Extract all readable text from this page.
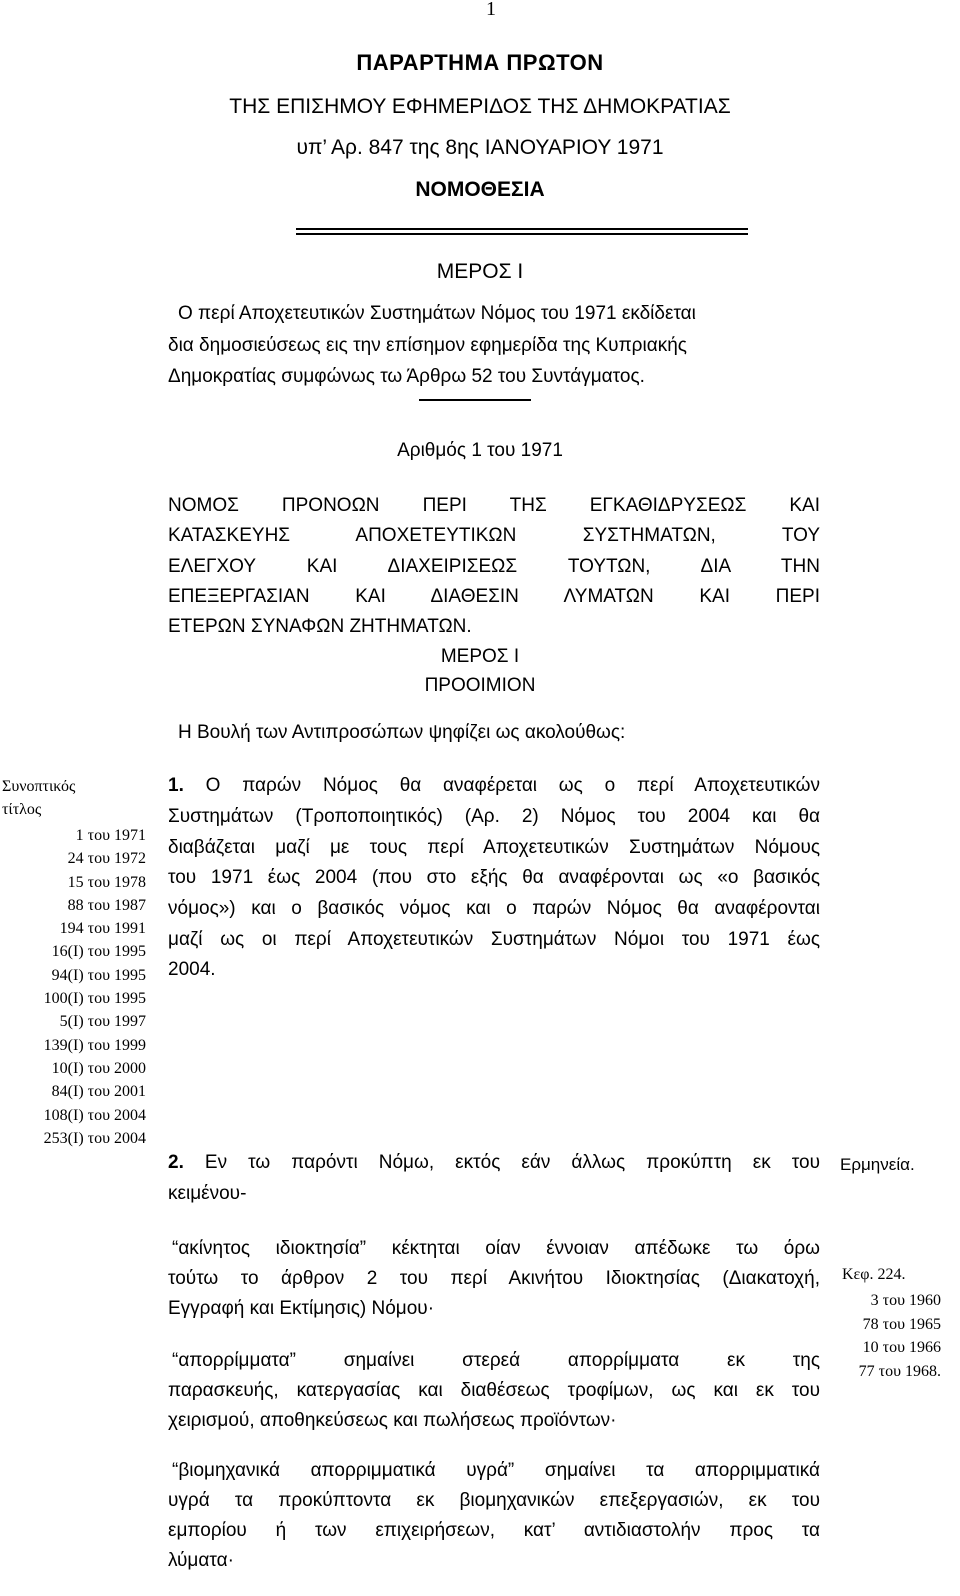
1
ΠΑΡΑΡΤΗΜΑ ΠΡΩΤΟΝ
ΤΗΣ ΕΠΙΣΗΜΟΥ ΕΦΗΜΕΡΙΔΟΣ ΤΗΣ ΔΗΜΟΚΡΑΤΙΑΣ
υπ’ Αρ. 847 της 8ης ΙΑΝΟΥΑΡΙΟΥ 1971
ΝΟΜΟΘΕΣΙΑ
ΜΕΡΟΣ Ι
Ο περί Αποχετευτικών Συστημάτων Νόμος του 1971 εκδίδεται
δια δημοσιεύσεως εις την επίσημον εφημερίδα της Κυπριακής
Δημοκρατίας συμφώνως τω Άρθρω 52 του Συντάγματος.
Αριθμός 1 του 1971
ΝΟΜΟΣ ΠΡΟΝΟΩΝ ΠΕΡΙ ΤΗΣ ΕΓΚΑΘΙΔΡΥΣΕΩΣ ΚΑΙ
ΚΑΤΑΣΚΕΥΗΣ ΑΠΟΧΕΤΕΥΤΙΚΩΝ ΣΥΣΤΗΜΑΤΩΝ, ΤΟΥ
ΕΛΕΓΧΟΥ ΚΑΙ ΔΙΑΧΕΙΡΙΣΕΩΣ ΤΟΥΤΩΝ, ΔΙΑ ΤΗΝ
ΕΠΕΞΕΡΓΑΣΙΑΝ ΚΑΙ ΔΙΑΘΕΣΙΝ ΛΥΜΑΤΩΝ ΚΑΙ ΠΕΡΙ
ΕΤΕΡΩΝ ΣΥΝΑΦΩΝ ΖΗΤΗΜΑΤΩΝ.
ΜΕΡΟΣ Ι
ΠΡΟΟΙΜΙΟΝ
Η Βουλή των Αντιπροσώπων ψηφίζει ως ακολούθως:
Συνοπτικός
τίτλος
1 του 1971
24 του 1972
15 του 1978
88 του 1987
194 του 1991
16(Ι) του 1995
94(Ι) του 1995
100(Ι) του 1995
5(Ι) του 1997
139(Ι) του 1999
10(Ι) του 2000
84(Ι) του 2001
108(Ι) του 2004
253(Ι) του 2004
1. Ο παρών Νόμος θα αναφέρεται ως ο περί Αποχετευτικών
Συστημάτων (Τροποποιητικός) (Αρ. 2) Νόμος του 2004 και θα
διαβάζεται μαζί με τους περί Αποχετευτικών Συστημάτων Νόμους
του 1971 έως 2004 (που στο εξής θα αναφέρονται ως «ο βασικός
νόμος») και ο βασικός νόμος και ο παρών Νόμος θα αναφέρονται
μαζί ως οι περί Αποχετευτικών Συστημάτων Νόμοι του 1971 έως
2004.
2. Εν τω παρόντι Νόμω, εκτός εάν άλλως προκύπτη εκ του
κειμένου-
Ερμηνεία.
Κεφ. 224.
3 του 1960
78 του 1965
10 του 1966
77 του 1968.
“ακίνητος ιδιοκτησία” κέκτηται οίαν έννοιαν απέδωκε τω όρω
τούτω το άρθρον 2 του περί Ακινήτου Ιδιοκτησίας (Διακατοχή,
Εγγραφή και Εκτίμησις) Νόμου·
“απορρίμματα” σημαίνει στερεά απορρίμματα εκ της
παρασκευής, κατεργασίας και διαθέσεως τροφίμων, ως και εκ του
χειρισμού, αποθηκεύσεως και πωλήσεως προϊόντων·
“βιομηχανικά απορριμματικά υγρά” σημαίνει τα απορριμματικά
υγρά τα προκύπτοντα εκ βιομηχανικών επεξεργασιών, εκ του
εμπορίου ή των επιχειρήσεων, κατ’ αντιδιαστολήν προς τα
λύματα·
